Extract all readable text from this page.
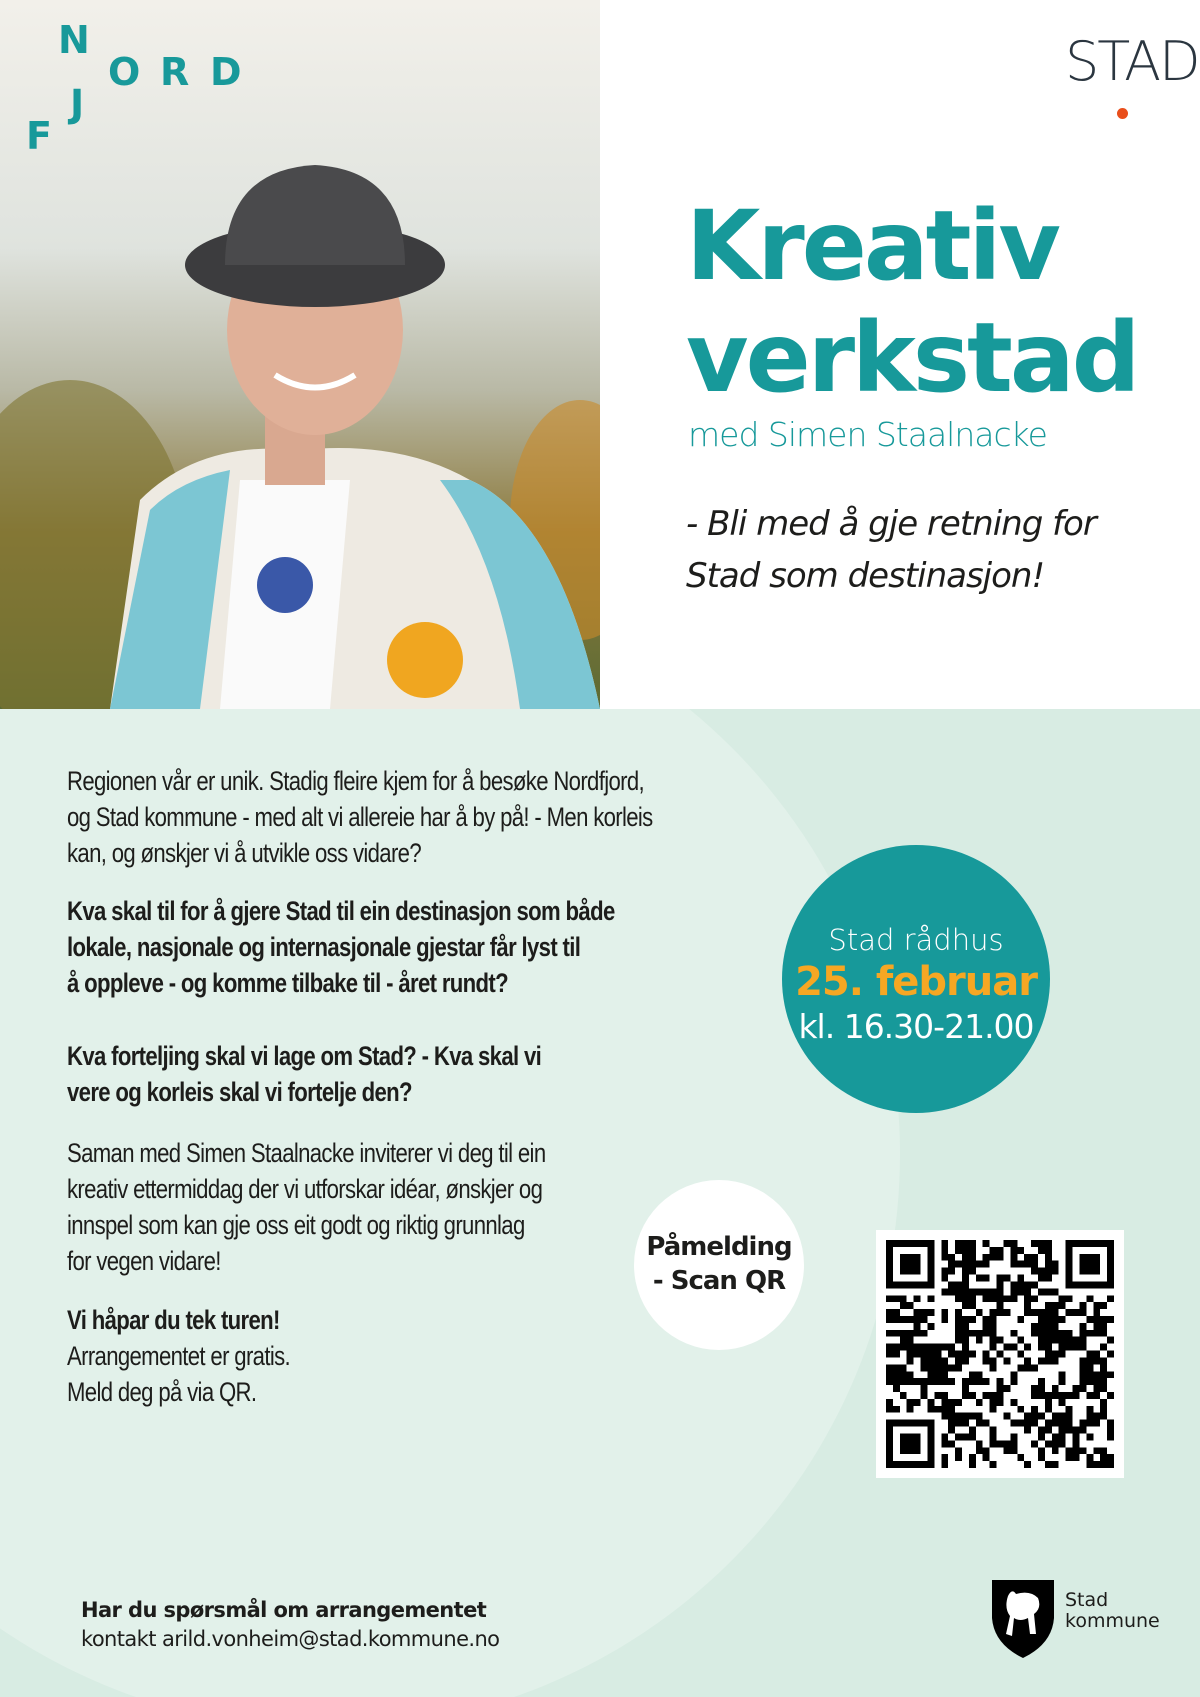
N
O R D
J
F
STAD
Kreativ
verkstad
med Simen Staalnacke
- Bli med å gje retning for
Stad som destinasjon!
Regionen vår er unik. Stadig fleire kjem for å besøke Nordfjord,
og Stad kommune - med alt vi allereie har å by på! - Men korleis
kan, og ønskjer vi å utvikle oss vidare?
Kva skal til for å gjere Stad til ein destinasjon som både
lokale, nasjonale og internasjonale gjestar får lyst til
å oppleve - og komme tilbake til - året rundt?
Kva forteljing skal vi lage om Stad? - Kva skal vi
vere og korleis skal vi fortelje den?
Saman med Simen Staalnacke inviterer vi deg til ein
kreativ ettermiddag der vi utforskar idéar, ønskjer og
innspel som kan gje oss eit godt og riktig grunnlag
for vegen vidare!
Vi håpar du tek turen!
Arrangementet er gratis.
Meld deg på via QR.
Stad rådhus
25. februar
kl. 16.30-21.00
Påmelding
- Scan QR
Har du spørsmål om arrangementet
kontakt arild.vonheim@stad.kommune.no
Stad
kommune
